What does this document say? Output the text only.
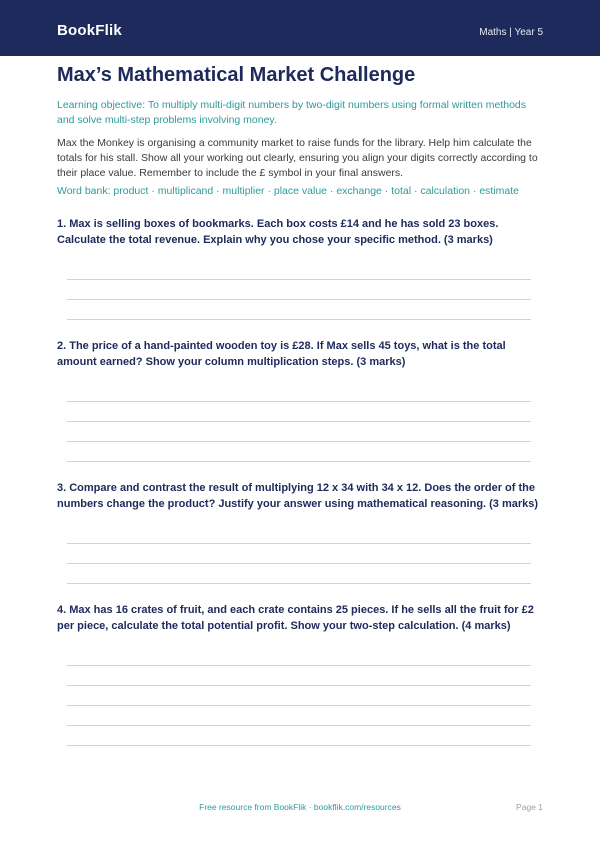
BookFlik	Maths | Year 5
Max’s Mathematical Market Challenge
Learning objective: To multiply multi-digit numbers by two-digit numbers using formal written methods and solve multi-step problems involving money.
Max the Monkey is organising a community market to raise funds for the library. Help him calculate the totals for his stall. Show all your working out clearly, ensuring you align your digits correctly according to their place value. Remember to include the £ symbol in your final answers.
Word bank: product · multiplicand · multiplier · place value · exchange · total · calculation · estimate
1. Max is selling boxes of bookmarks. Each box costs £14 and he has sold 23 boxes. Calculate the total revenue. Explain why you chose your specific method. (3 marks)
2. The price of a hand-painted wooden toy is £28. If Max sells 45 toys, what is the total amount earned? Show your column multiplication steps. (3 marks)
3. Compare and contrast the result of multiplying 12 x 34 with 34 x 12. Does the order of the numbers change the product? Justify your answer using mathematical reasoning. (3 marks)
4. Max has 16 crates of fruit, and each crate contains 25 pieces. If he sells all the fruit for £2 per piece, calculate the total potential profit. Show your two-step calculation. (4 marks)
Free resource from BookFlik · bookflik.com/resources	Page 1
